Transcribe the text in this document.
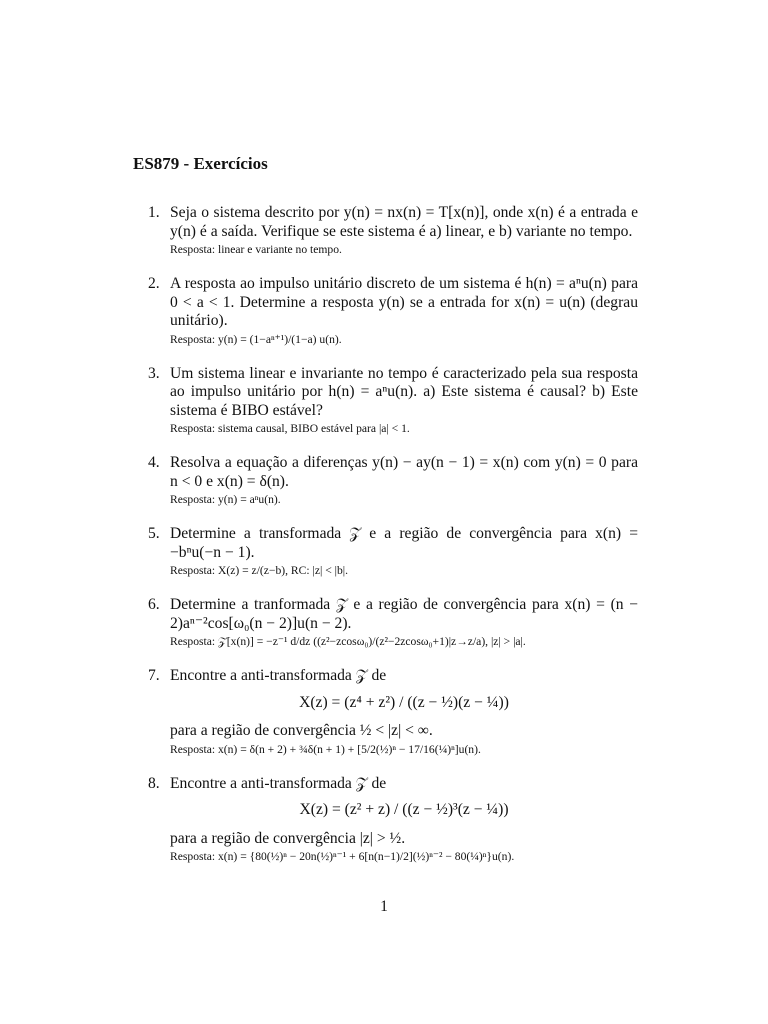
ES879 - Exercícios
1. Seja o sistema descrito por y(n) = nx(n) = T[x(n)], onde x(n) é a entrada e y(n) é a saída. Verifique se este sistema é a) linear, e b) variante no tempo.

Resposta: linear e variante no tempo.

2. A resposta ao impulso unitário discreto de um sistema é h(n) = aⁿu(n) para 0 < a < 1. Determine a resposta y(n) se a entrada for x(n) = u(n) (degrau unitário).

Resposta: y(n) = (1−aⁿ⁺¹)/(1−a) u(n).

3. Um sistema linear e invariante no tempo é caracterizado pela sua resposta ao impulso unitário por h(n) = aⁿu(n). a) Este sistema é causal? b) Este sistema é BIBO estável?

Resposta: sistema causal, BIBO estável para |a| < 1.

4. Resolva a equação a diferenças y(n) − ay(n − 1) = x(n) com y(n) = 0 para n < 0 e x(n) = δ(n).

Resposta: y(n) = aⁿu(n).

5. Determine a transformada 𝒵 e a região de convergência para x(n) = −bⁿu(−n − 1).

Resposta: X(z) = z/(z−b), RC: |z| < |b|.

6. Determine a tranformada 𝒵 e a região de convergência para x(n) = (n − 2)aⁿ⁻²cos[ω₀(n − 2)]u(n − 2).

Resposta: 𝒵[x(n)] = −z⁻¹ d/dz ((z²−zcosω₀)/(z²−2zcosω₀+1)|z→z/a), |z| > |a|.

7. Encontre a anti-transformada 𝒵 de

X(z) = (z⁴ + z²) / ((z − ½)(z − ¼))

para a região de convergência ½ < |z| < ∞.

Resposta: x(n) = δ(n + 2) + ¾δ(n + 1) + [5/2(½)ⁿ − 17/16(¼)ⁿ]u(n).

8. Encontre a anti-transformada 𝒵 de

X(z) = (z² + z) / ((z − ½)³(z − ¼))

para a região de convergência |z| > ½.

Resposta: x(n) = {80(½)ⁿ − 20n(½)ⁿ⁻¹ + 6[n(n−1)/2](½)ⁿ⁻² − 80(¼)ⁿ}u(n).

1
